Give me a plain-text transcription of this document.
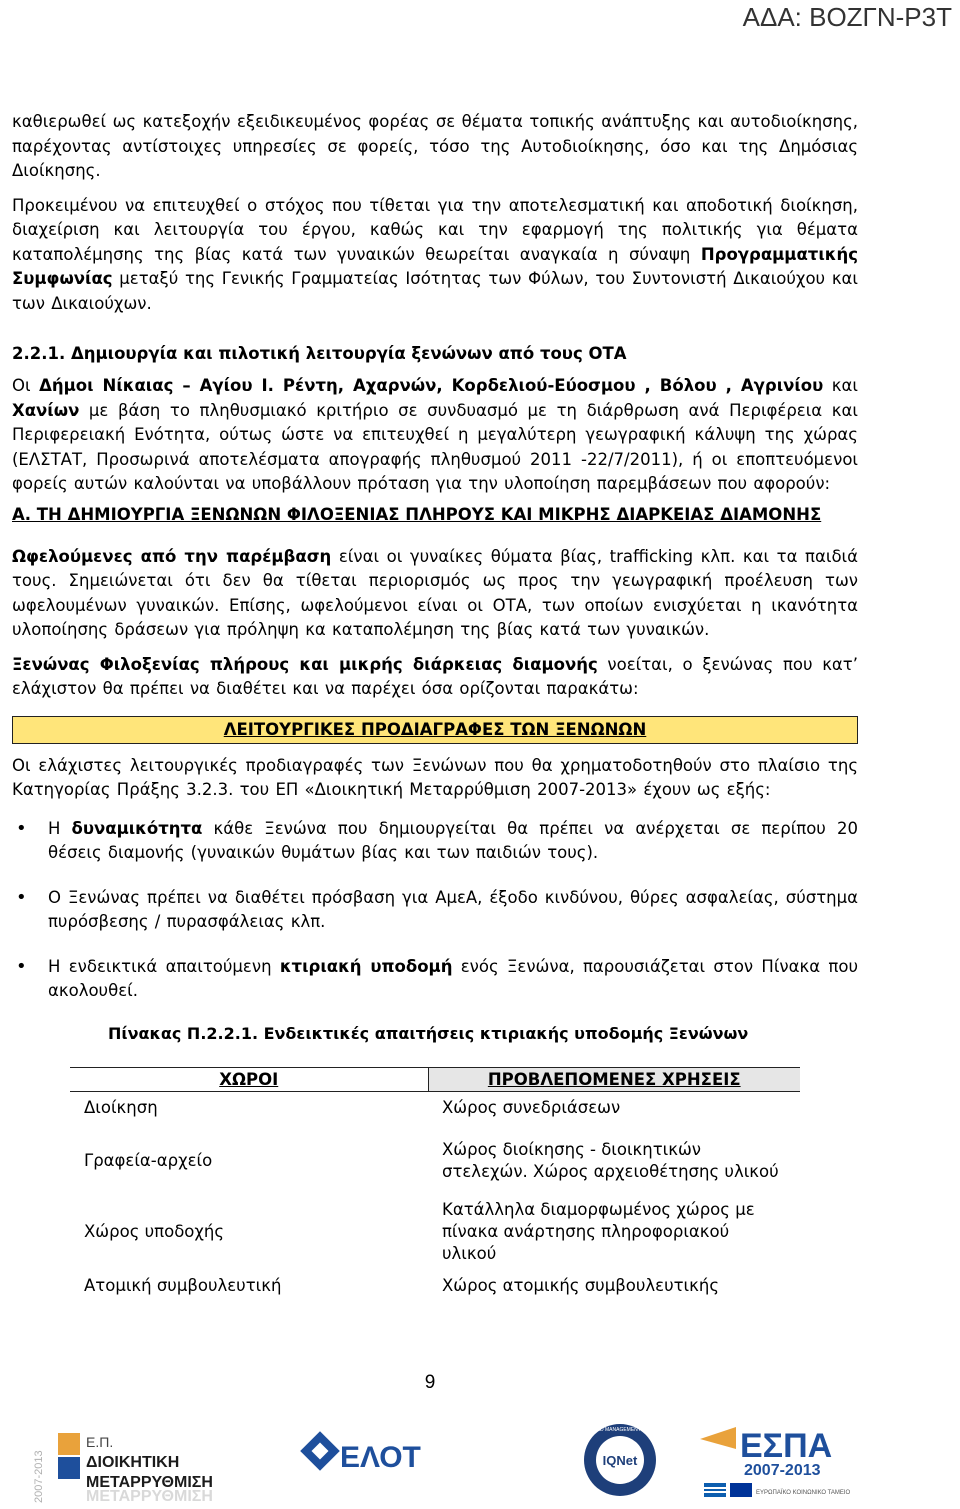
ΑΔΑ: ΒΟΖΓΝ-Ρ3Τ

καθιερωθεί ως κατεξοχήν εξειδικευμένος φορέας σε θέματα τοπικής ανάπτυξης και αυτοδιοίκησης, παρέχοντας αντίστοιχες υπηρεσίες σε φορείς, τόσο της Αυτοδιοίκησης, όσο και της Δημόσιας Διοίκησης.

Προκειμένου να επιτευχθεί ο στόχος που τίθεται για την αποτελεσματική και αποδοτική διοίκηση, διαχείριση και λειτουργία του έργου, καθώς και την εφαρμογή της πολιτικής για θέματα καταπολέμησης της βίας κατά των γυναικών θεωρείται αναγκαία η σύναψη Προγραμματικής Συμφωνίας μεταξύ της Γενικής Γραμματείας Ισότητας των Φύλων, του Συντονιστή Δικαιούχου και των Δικαιούχων.

2.2.1. Δημιουργία και πιλοτική λειτουργία ξενώνων από τους ΟΤΑ

Οι Δήμοι Νίκαιας – Αγίου Ι. Ρέντη, Αχαρνών, Κορδελιού-Εύοσμου , Βόλου , Αγρινίου και Χανίων με βάση το πληθυσμιακό κριτήριο σε συνδυασμό με τη διάρθρωση ανά Περιφέρεια και Περιφερειακή Ενότητα, ούτως ώστε να επιτευχθεί η μεγαλύτερη γεωγραφική κάλυψη της χώρας (ΕΛΣΤΑΤ, Προσωρινά αποτελέσματα απογραφής πληθυσμού 2011 -22/7/2011), ή οι εποπτευόμενοι φορείς αυτών καλούνται να υποβάλλουν πρόταση για την υλοποίηση παρεμβάσεων που αφορούν:

Α. ΤΗ ΔΗΜΙΟΥΡΓΙΑ ΞΕΝΩΝΩΝ ΦΙΛΟΞΕΝΙΑΣ ΠΛΗΡΟΥΣ ΚΑΙ ΜΙΚΡΗΣ ΔΙΑΡΚΕΙΑΣ ΔΙΑΜΟΝΗΣ

Ωφελούμενες από την παρέμβαση είναι οι γυναίκες θύματα βίας, trafficking κλπ. και τα παιδιά τους. Σημειώνεται ότι δεν θα τίθεται περιορισμός ως προς την γεωγραφική προέλευση των ωφελουμένων γυναικών. Επίσης, ωφελούμενοι είναι οι ΟΤΑ, των οποίων ενισχύεται η ικανότητα υλοποίησης δράσεων για πρόληψη κα καταπολέμηση της βίας κατά των γυναικών.

Ξενώνας Φιλοξενίας πλήρους και μικρής διάρκειας διαμονής νοείται, ο ξενώνας που κατ’ ελάχιστον θα πρέπει να διαθέτει και να παρέχει όσα ορίζονται παρακάτω:

ΛΕΙΤΟΥΡΓΙΚΕΣ ΠΡΟΔΙΑΓΡΑΦΕΣ ΤΩΝ ΞΕΝΩΝΩΝ

Οι ελάχιστες λειτουργικές προδιαγραφές των Ξενώνων που θα χρηματοδοτηθούν στο πλαίσιο της Κατηγορίας Πράξης 3.2.3. του ΕΠ «Διοικητική Μεταρρύθμιση 2007-2013» έχουν ως εξής:

• Η δυναμικότητα κάθε Ξενώνα που δημιουργείται θα πρέπει να ανέρχεται σε περίπου 20 θέσεις διαμονής (γυναικών θυμάτων βίας και των παιδιών τους).
• Ο Ξενώνας πρέπει να διαθέτει πρόσβαση για ΑμεΑ, έξοδο κινδύνου, θύρες ασφαλείας, σύστημα πυρόσβεσης / πυρασφάλειας κλπ.
• Η ενδεικτικά απαιτούμενη κτιριακή υποδομή ενός Ξενώνα, παρουσιάζεται στον Πίνακα που ακολουθεί.

Πίνακας Π.2.2.1. Ενδεικτικές απαιτήσεις κτιριακής υποδομής Ξενώνων

ΧΩΡΟΙ	ΠΡΟΒΛΕΠΟΜΕΝΕΣ ΧΡΗΣΕΙΣ
Διοίκηση	Χώρος συνεδριάσεων
Γραφεία-αρχείο	Χώρος διοίκησης - διοικητικών στελεχών. Χώρος αρχειοθέτησης υλικού
Χώρος υποδοχής	Κατάλληλα διαμορφωμένος χώρος με πίνακα ανάρτησης πληροφοριακού υλικού
Ατομική συμβουλευτική	Χώρος ατομικής συμβουλευτικής
9
2007-2013
Ε.Π.
ΔΙΟΙΚΗΤΙΚΗ
ΜΕΤΑΡΡΥΘΜΙΣΗ
ΜΕΤΑΡΡΥΘΜΙΣΗ
ΕΛΟΤ	IQNet
CERTIFIED MANAGEMENT SYSTEM ΕΣΠΑ
2007-2013
ΕΥΡΩΠΑΪΚΟ ΚΟΙΝΩΝΙΚΟ ΤΑΜΕΙΟ
